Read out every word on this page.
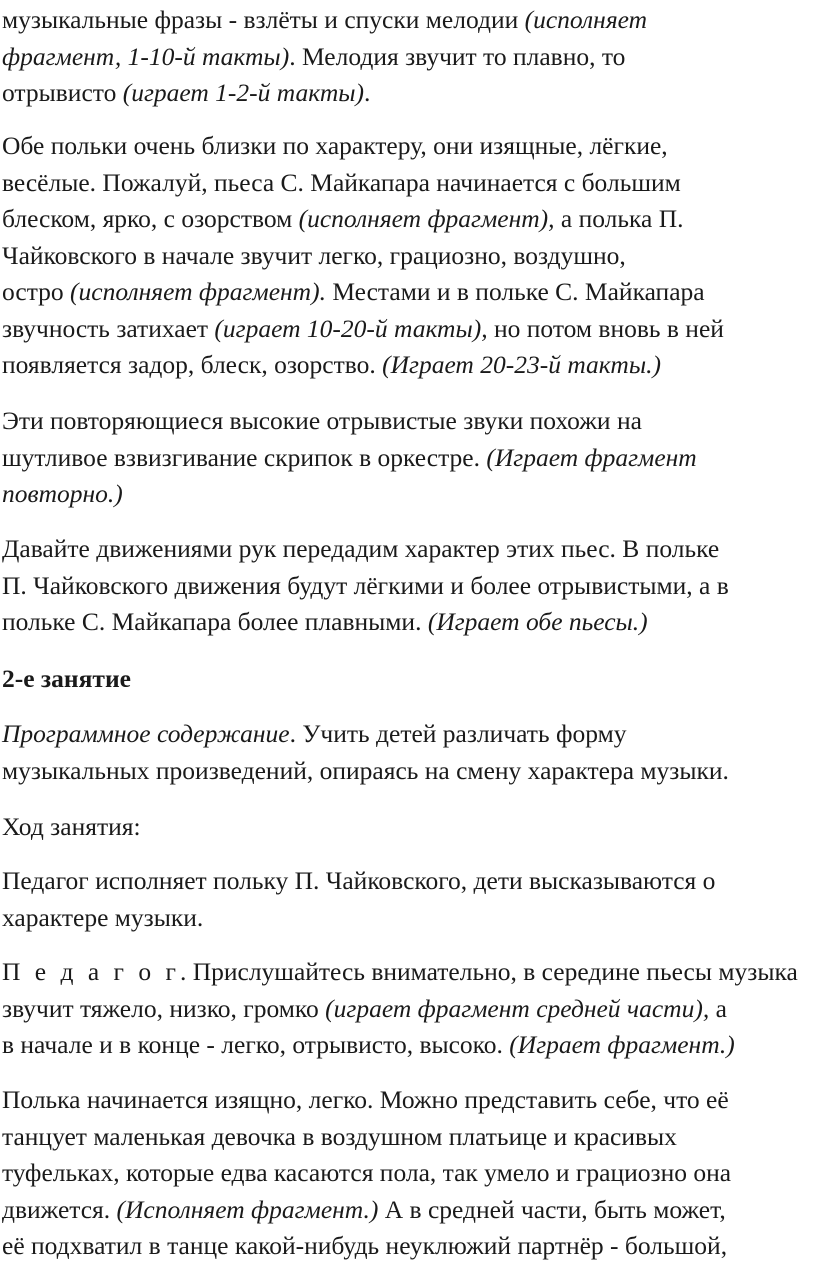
музыкальные фразы - взлёты и спуски мелодии (исполняет
фрагмент, 1-10-й такты). Мелодия звучит то плавно, то
отрывисто (играет 1-2-й такты).

Обе польки очень близки по характеру, они изящные, лёгкие,
весёлые. Пожалуй, пьеса С. Майкапара начинается с большим
блеском, ярко, с озорством (исполняет фрагмент), а полька П.
Чайковского в начале звучит легко, грациозно, воздушно,
остро (исполняет фрагмент). Местами и в польке С. Майкапара
звучность затихает (играет 10-20-й такты), но потом вновь в ней
появляется задор, блеск, озорство. (Играет 20-23-й такты.)

Эти повторяющиеся высокие отрывистые звуки похожи на
шутливое взвизгивание скрипок в оркестре. (Играет фрагмент
повторно.)

Давайте движениями рук передадим характер этих пьес. В польке
П. Чайковского движения будут лёгкими и более отрывистыми, а в
польке С. Майкапара более плавными. (Играет обе пьесы.)

2-е занятие

Программное содержание. Учить детей различать форму
музыкальных произведений, опираясь на смену характера музыки.

Ход занятия:

Педагог исполняет польку П. Чайковского, дети высказываются о
характере музыки.

П е д а г о г. Прислушайтесь внимательно, в середине пьесы музыка
звучит тяжело, низко, громко (играет фрагмент средней части), а
в начале и в конце - легко, отрывисто, высоко. (Играет фрагмент.)

Полька начинается изящно, легко. Можно представить себе, что её
танцует маленькая девочка в воздушном платьице и красивых
туфельках, которые едва касаются пола, так умело и грациозно она
движется. (Исполняет фрагмент.) А в средней части, быть может,
её подхватил в танце какой-нибудь неуклюжий партнёр - большой,
